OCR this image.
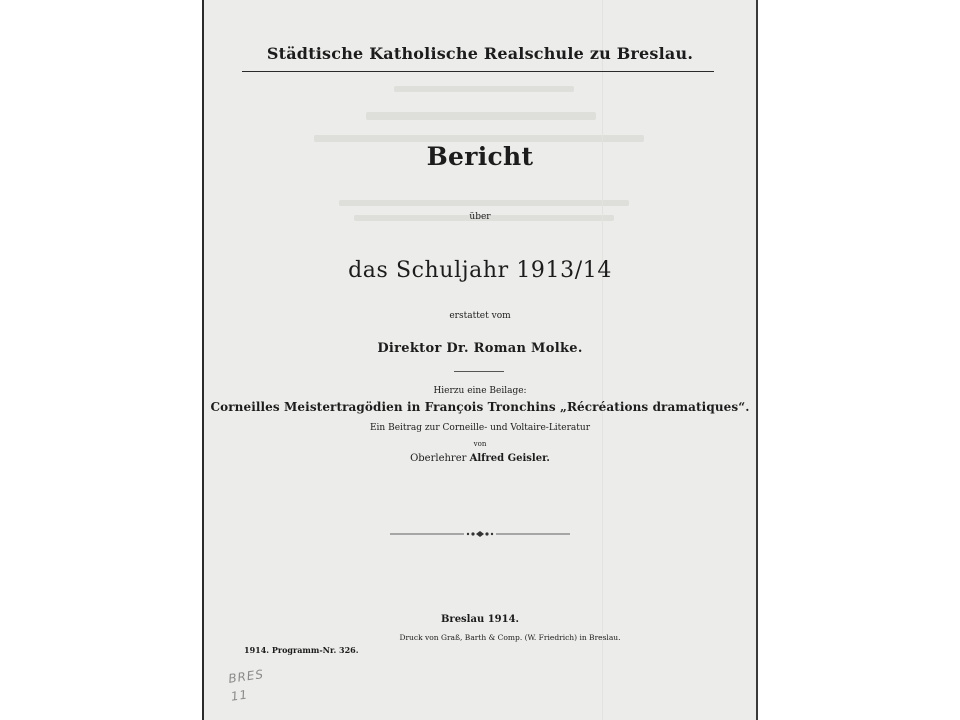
Städtische Katholische Realschule zu Breslau.
Bericht
über
das Schuljahr 1913/14
erstattet vom
Direktor Dr. Roman Molke.
Hierzu eine Beilage:
Corneilles Meistertragödien in François Tronchins „Récréations dramatiques“.
Ein Beitrag zur Corneille- und Voltaire-Literatur
von
Oberlehrer Alfred Geisler.
Breslau 1914.
Druck von Graß, Barth & Comp. (W. Friedrich) in Breslau.
1914. Programm-Nr. 326.
BRES
11
